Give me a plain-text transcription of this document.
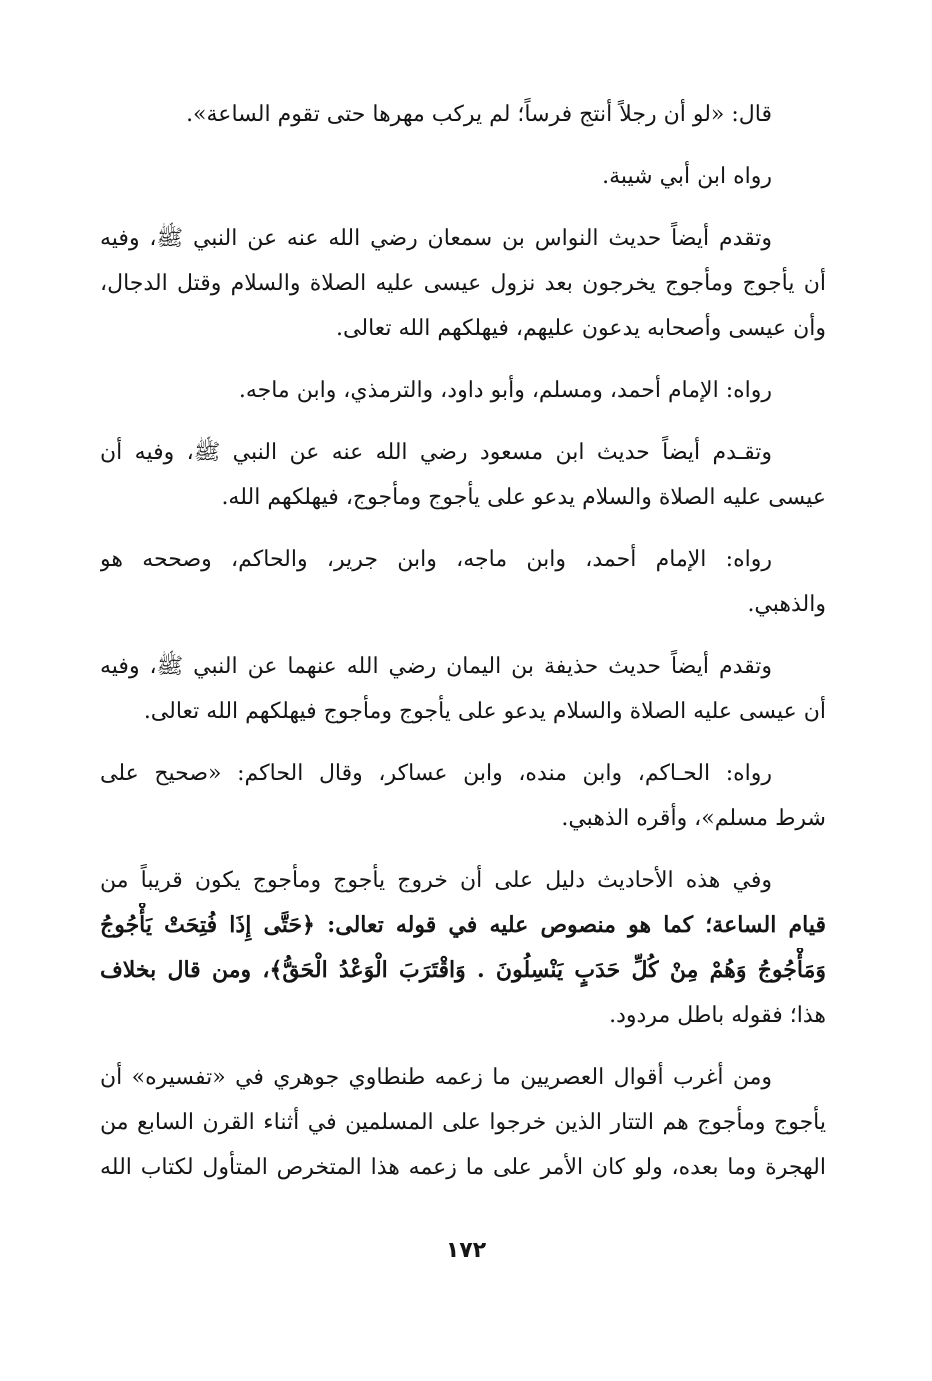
قال: «لو أن رجلاً أنتج فرساً؛ لم يركب مهرها حتى تقوم الساعة».
رواه ابن أبي شيبة.
وتقدم أيضاً حديث النواس بن سمعان رضي الله عنه عن النبي ﷺ، وفيه
أن يأجوج ومأجوج يخرجون بعد نزول عيسى عليه الصلاة والسلام وقتل الدجال،
وأن عيسى وأصحابه يدعون عليهم، فيهلكهم الله تعالى.
رواه: الإمام أحمد، ومسلم، وأبو داود، والترمذي، وابن ماجه.
وتقـدم أيضاً حديث ابن مسعود رضي الله عنه عن النبي ﷺ، وفيه أن
عيسى عليه الصلاة والسلام يدعو على يأجوج ومأجوج، فيهلكهم الله.
رواه: الإمام أحمد، وابن ماجه، وابن جرير، والحاكم، وصححه هو
والذهبي.
وتقدم أيضاً حديث حذيفة بن اليمان رضي الله عنهما عن النبي ﷺ، وفيه
أن عيسى عليه الصلاة والسلام يدعو على يأجوج ومأجوج فيهلكهم الله تعالى.
رواه: الحـاكم، وابن منده، وابن عساكر، وقال الحاكم: «صحيح على
شرط مسلم»، وأقره الذهبي.
وفي هذه الأحاديث دليل على أن خروج يأجوج ومأجوج يكون قريباً من
قيام الساعة؛ كما هو منصوص عليه في قوله تعالى: ﴿حَتَّى إِذَا فُتِحَتْ يَأْجُوجُ
وَمَأْجُوجُ وَهُمْ مِنْ كُلِّ حَدَبٍ يَنْسِلُونَ . وَاقْتَرَبَ الْوَعْدُ الْحَقُّ﴾، ومن قال بخلاف
هذا؛ فقوله باطل مردود.
ومن أغرب أقوال العصريين ما زعمه طنطاوي جوهري في «تفسيره» أن
يأجوج ومأجوج هم التتار الذين خرجوا على المسلمين في أثناء القرن السابع من
الهجرة وما بعده، ولو كان الأمر على ما زعمه هذا المتخرص المتأول لكتاب الله
١٧٢
